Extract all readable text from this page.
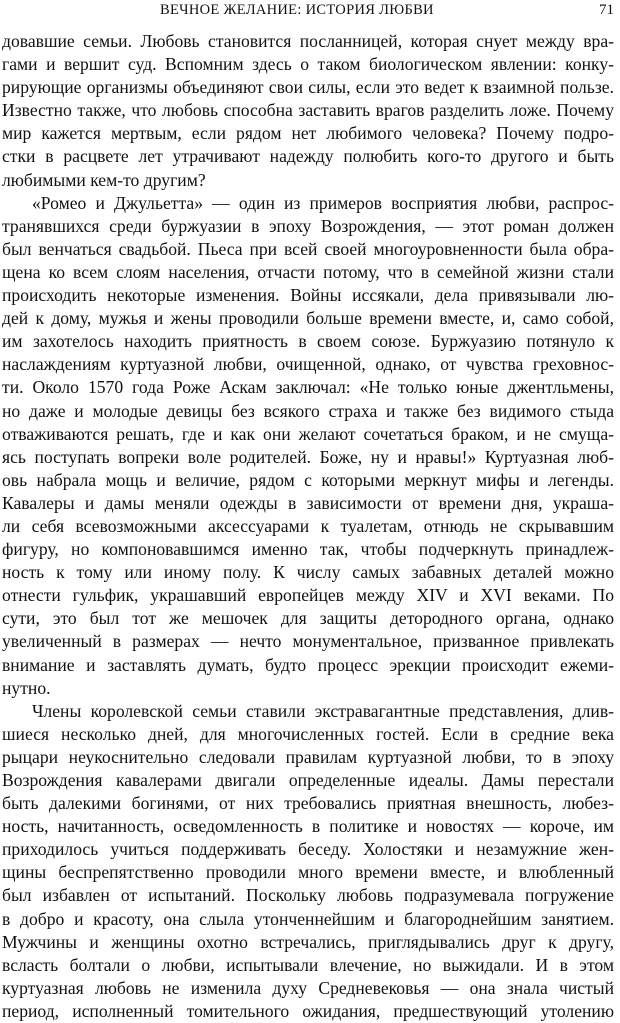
ВЕЧНОЕ ЖЕЛАНИЕ: ИСТОРИЯ ЛЮБВИ	71
довавшие семьи. Любовь становится посланницей, которая снует между вра-
гами и вершит суд. Вспомним здесь о таком биологическом явлении: конку-
рирующие организмы объединяют свои силы, если это ведет к взаимной пользе.
Известно также, что любовь способна заставить врагов разделить ложе. Почему
мир кажется мертвым, если рядом нет любимого человека? Почему подро-
стки в расцвете лет утрачивают надежду полюбить кого-то другого и быть
любимыми кем-то другим?
«Ромео и Джульетта» — один из примеров восприятия любви, распрос-
транявшихся среди буржуазии в эпоху Возрождения, — этот роман должен
был венчаться свадьбой. Пьеса при всей своей многоуровненности была обра-
щена ко всем слоям населения, отчасти потому, что в семейной жизни стали
происходить некоторые изменения. Войны иссякали, дела привязывали лю-
дей к дому, мужья и жены проводили больше времени вместе, и, само собой,
им захотелось находить приятность в своем союзе. Буржуазию потянуло к
наслаждениям куртуазной любви, очищенной, однако, от чувства греховнос-
ти. Около 1570 года Роже Аскам заключал: «Не только юные джентльмены,
но даже и молодые девицы без всякого страха и также без видимого стыда
отваживаются решать, где и как они желают сочетаться браком, и не смуща-
ясь поступать вопреки воле родителей. Боже, ну и нравы!» Куртуазная люб-
овь набрала мощь и величие, рядом с которыми меркнут мифы и легенды.
Кавалеры и дамы меняли одежды в зависимости от времени дня, украша-
ли себя всевозможными аксессуарами к туалетам, отнюдь не скрывавшим
фигуру, но компоновавшимся именно так, чтобы подчеркнуть принадлеж-
ность к тому или иному полу. К числу самых забавных деталей можно
отнести гульфик, украшавший европейцев между XIV и XVI веками. По
сути, это был тот же мешочек для защиты детородного органа, однако
увеличенный в размерах — нечто монументальное, призванное привлекать
внимание и заставлять думать, будто процесс эрекции происходит ежеми-
нутно.
Члены королевской семьи ставили экстравагантные представления, длив-
шиеся несколько дней, для многочисленных гостей. Если в средние века
рыцари неукоснительно следовали правилам куртуазной любви, то в эпоху
Возрождения кавалерами двигали определенные идеалы. Дамы перестали
быть далекими богинями, от них требовались приятная внешность, любез-
ность, начитанность, осведомленность в политике и новостях — короче, им
приходилось учиться поддерживать беседу. Холостяки и незамужние жен-
щины беспрепятственно проводили много времени вместе, и влюбленный
был избавлен от испытаний. Поскольку любовь подразумевала погружение
в добро и красоту, она слыла утонченнейшим и благороднейшим занятием.
Мужчины и женщины охотно встречались, приглядывались друг к другу,
всласть болтали о любви, испытывали влечение, но выжидали. И в этом
куртуазная любовь не изменила духу Средневековья — она знала чистый
период, исполненный томительного ожидания, предшествующий утолению
